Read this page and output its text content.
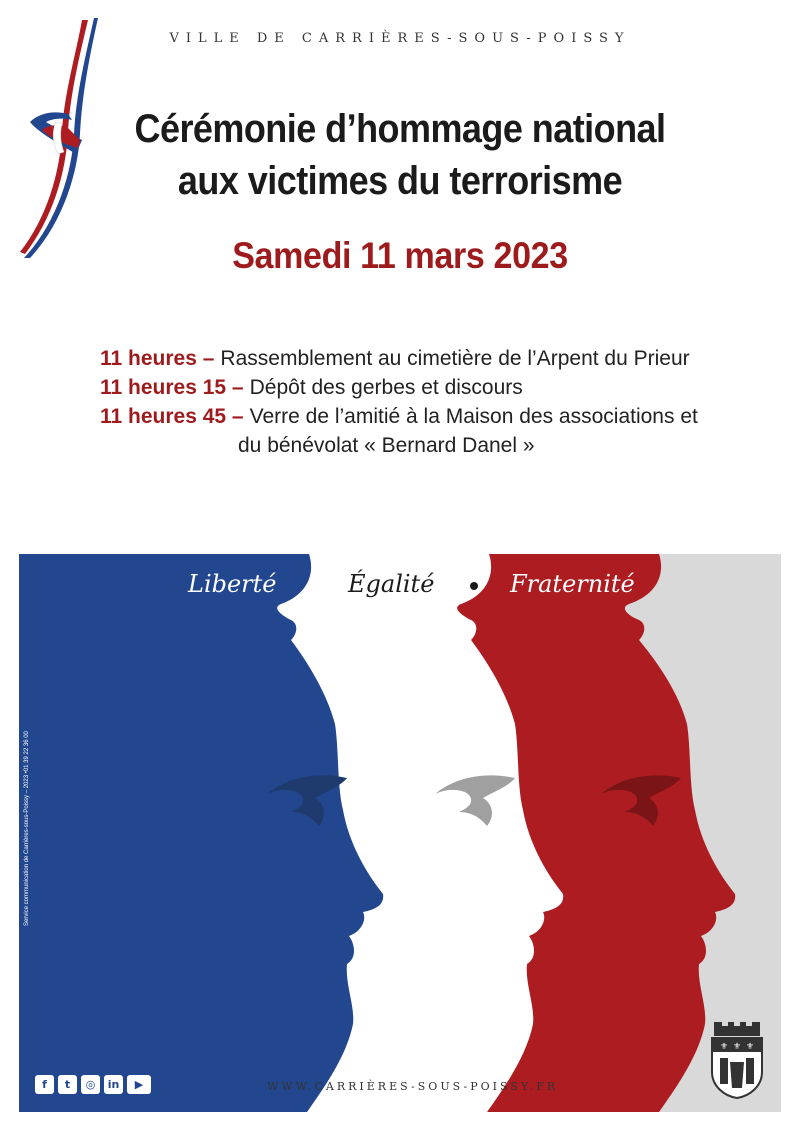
VILLE DE CARRIÈRES-SOUS-POISSY
Cérémonie d’hommage national
aux victimes du terrorisme
Samedi 11 mars 2023
11 heures – Rassemblement au cimetière de l’Arpent du Prieur
11 heures 15 – Dépôt des gerbes et discours
11 heures 45 – Verre de l’amitié à la Maison des associations et
du bénévolat « Bernard Danel »
Liberté	Égalité	Fraternité
Service communication de Carrières-sous-Poissy – 2023 •01 39 22 36 00
f	t	◎	in	▶	WWW.CARRIÈRES-SOUS-POISSY.FR
⚜ ⚜ ⚜
